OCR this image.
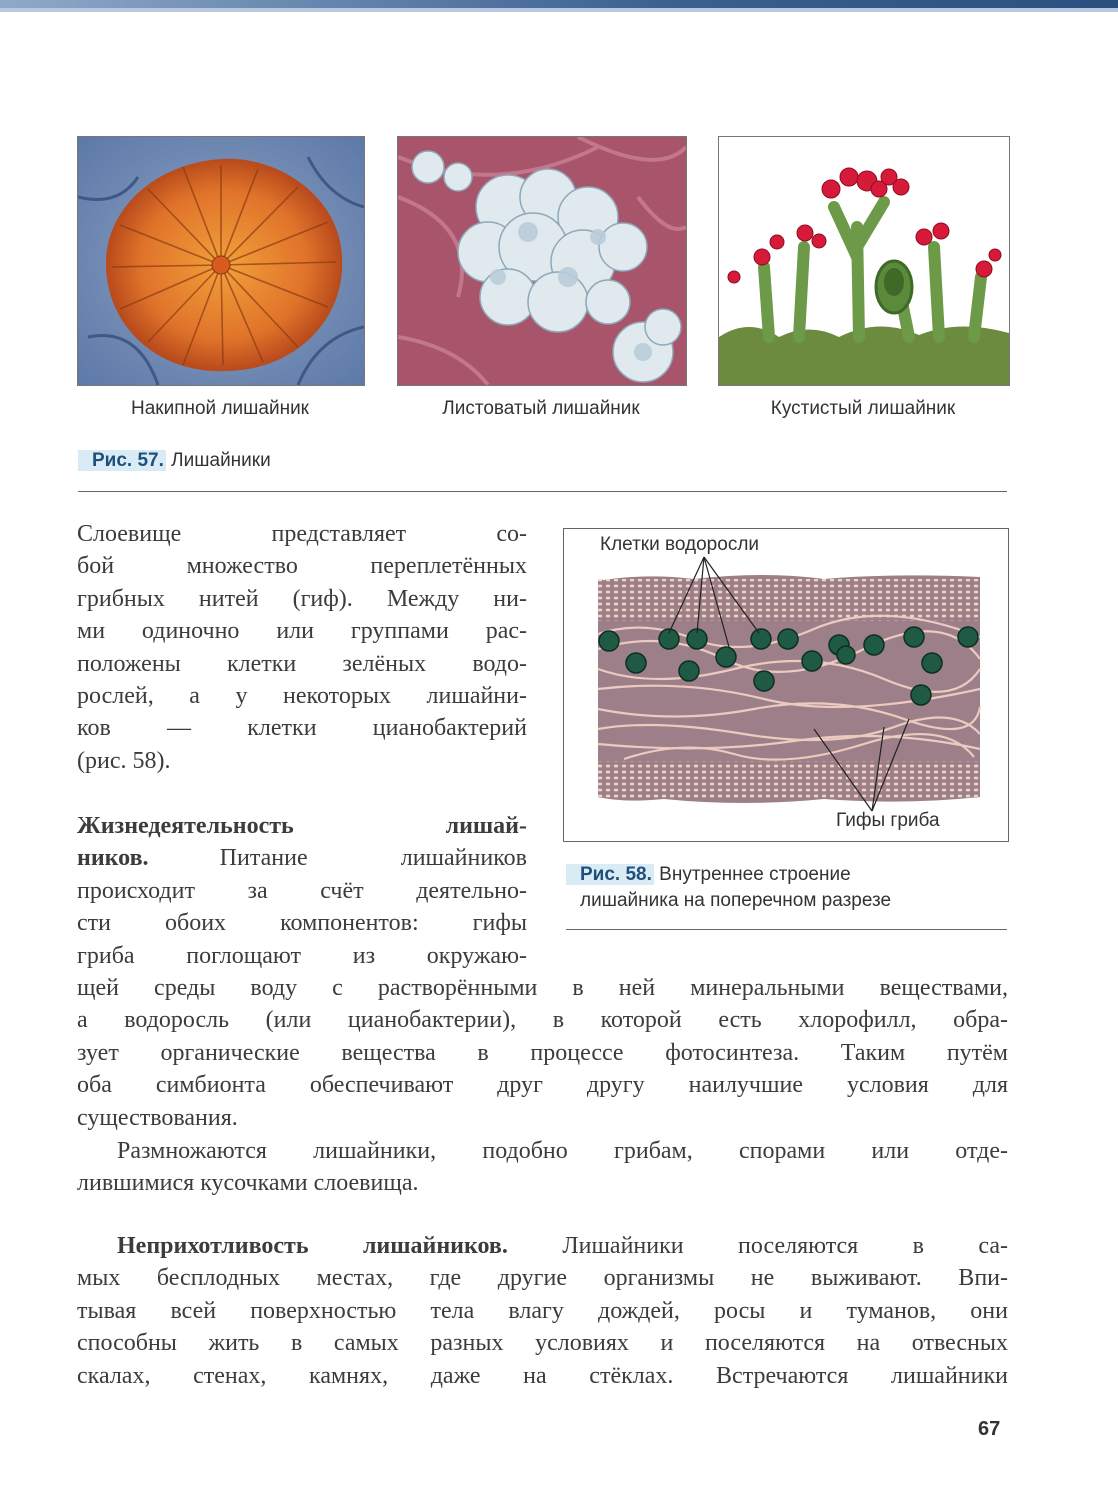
Накипной лишайник	Листоватый лишайник	Кустистый лишайник
Рис. 57. Лишайники
Слоевище представляет со-
бой множество переплетённых
грибных нитей (гиф). Между ни-
ми одиночно или группами рас-
положены клетки зелёных водо-
рослей, а у некоторых лишайни-
ков — клетки цианобактерий
(рис. 58).
Клетки водоросли
Гифы гриба
Рис. 58. Внутреннее строение
лишайника на поперечном разрезе
Жизнедеятельность лишай-
ников.	Питание лишайников
происходит за счёт деятельно-
сти обоих компонентов: гифы
гриба поглощают из окружаю-
щей среды воду с растворёнными в ней минеральными веществами,
а водоросль (или цианобактерии), в которой есть хлорофилл, обра-
зует органические вещества в процессе фотосинтеза. Таким путём
оба симбионта обеспечивают друг другу наилучшие условия для
существования.
Размножаются лишайники, подобно грибам, спорами или отде-
лившимися кусочками слоевища.
Неприхотливость лишайников. Лишайники поселяются в са-
мых бесплодных местах, где другие организмы не выживают. Впи-
тывая всей поверхностью тела влагу дождей, росы и туманов, они
способны жить в самых разных условиях и поселяются на отвесных
скалах, стенах, камнях, даже на стёклах. Встречаются лишайники
67
